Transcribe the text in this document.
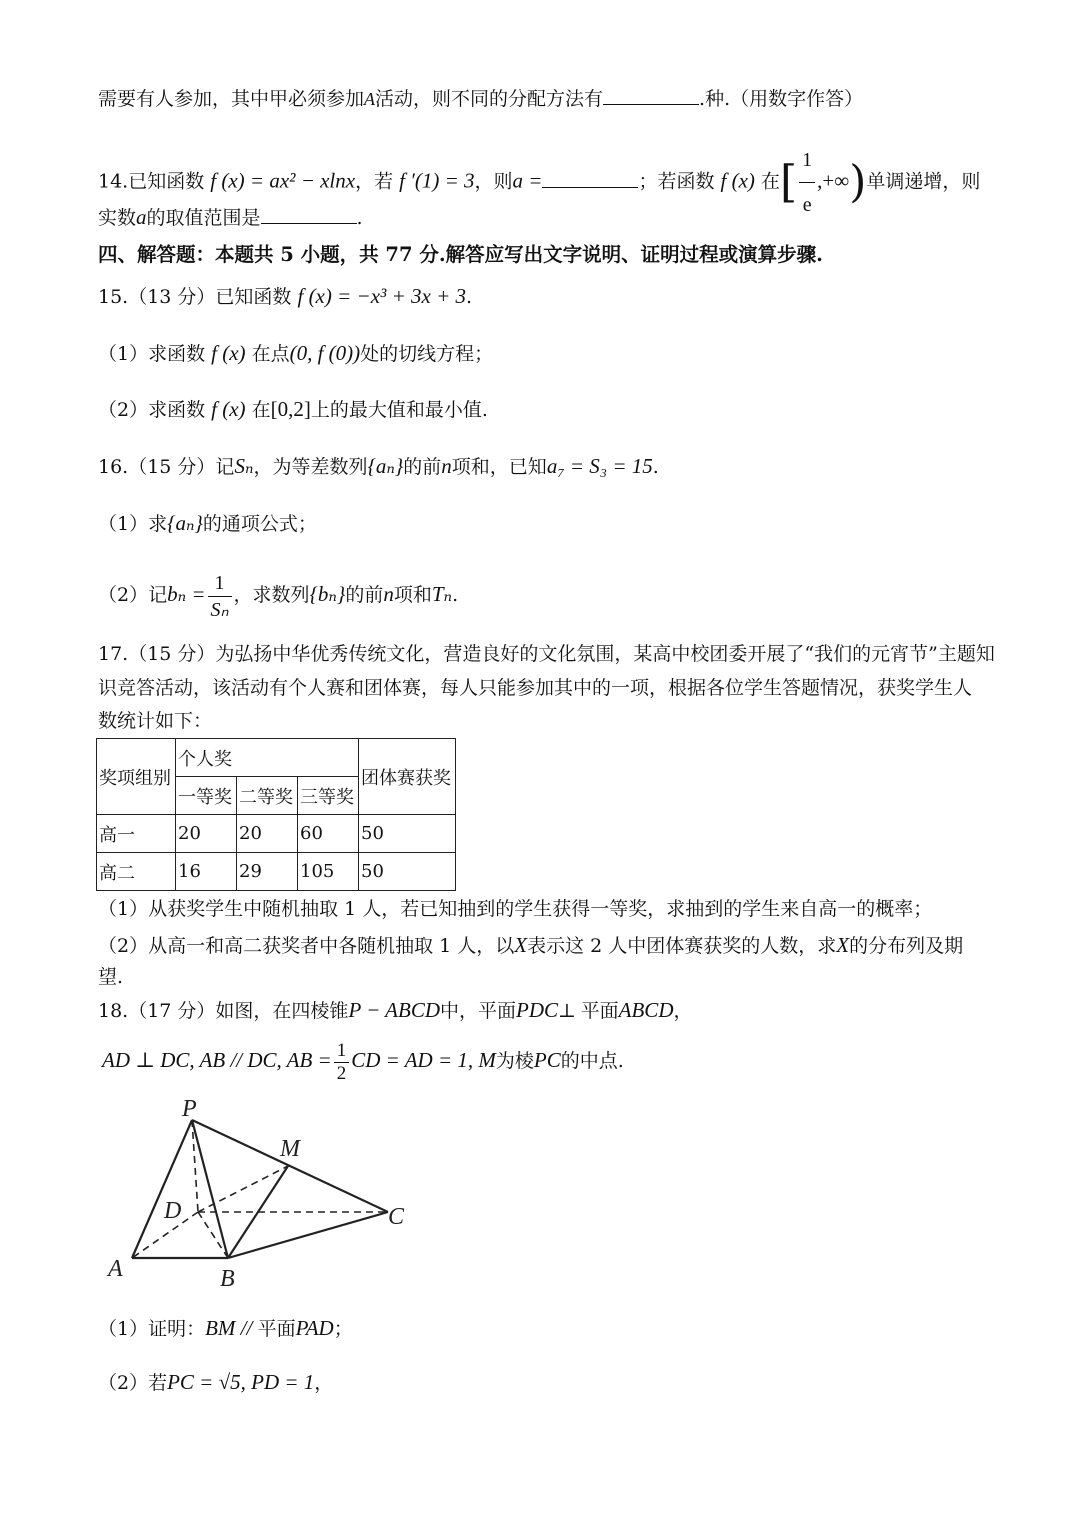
需要有人参加，其中甲必须参加A活动，则不同的分配方法有	.种.（用数字作答）
14.已知函数 f (x) = ax² − xlnx，若 f ′(1) = 3，则a =	；若函数 f (x) 在[ $\frac{1}{e}$ ,+∞)单调递增，则
实数a的取值范围是	.
四、解答题：本题共 5 小题，共 77 分.解答应写出文字说明、证明过程或演算步骤.
15.（13 分）已知函数 f (x) = −x³ + 3x + 3.
（1）求函数 f (x) 在点(0, f (0))处的切线方程；
（2）求函数 f (x) 在[0,2]上的最大值和最小值.
16.（15 分）记Sₙ，为等差数列{aₙ}的前n项和，已知a₇ = S₃ = 15.
（1）求{aₙ}的通项公式；
（2）记$b_n = \frac{1}{\text{Sₙ}}$ ，求数列{bₙ}的前n项和Tₙ.
17.（15 分）为弘扬中华优秀传统文化，营造良好的文化氛围，某高中校团委开展了“我们的元宵节”主题知
识竞答活动，该活动有个人赛和团体赛，每人只能参加其中的一项，根据各位学生答题情况，获奖学生人
数统计如下：
奖项组别	个人奖			团体赛获奖
	一等奖	二等奖	三等奖	
高一	20	20	60	50
高二	16	29	105	50
（1）从获奖学生中随机抽取 1 人，若已知抽到的学生获得一等奖，求抽到的学生来自高一的概率；
（2）从高一和高二获奖者中各随机抽取 1 人，以X表示这 2 人中团体赛获奖的人数，求X的分布列及期
望.
18.（17 分）如图，在四棱锥P − ABCD中，平面PDC⊥ 平面ABCD，
AD ⊥ DC, AB // DC, AB = $\frac{1}{2}$ CD = AD = 1, M为棱PC的中点.
P
M
D	C
A	B
（1）证明：BM // 平面PAD；
（2）若PC = √5, PD = 1，
